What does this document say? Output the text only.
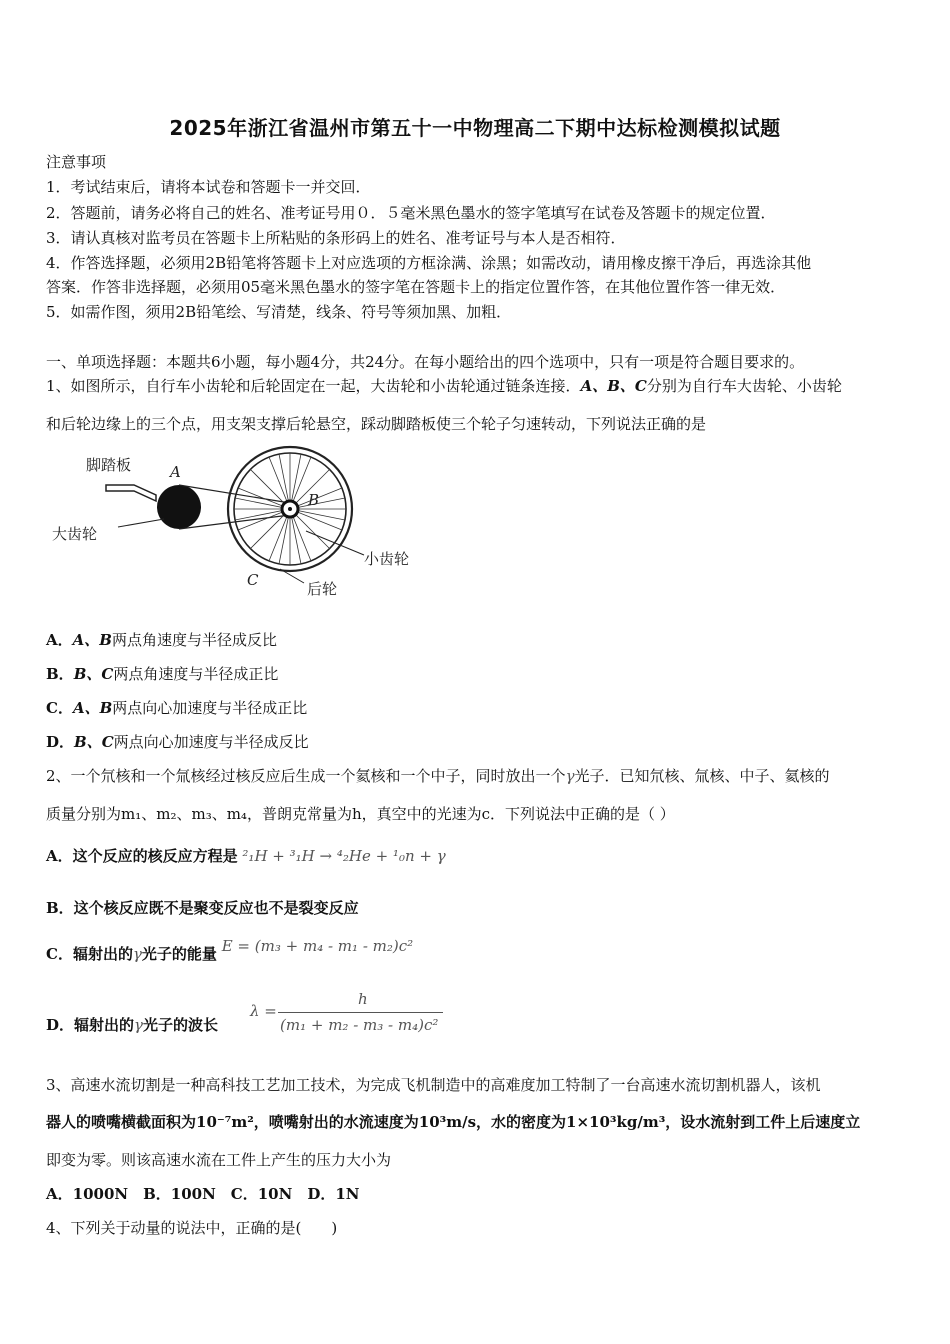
2025年浙江省温州市第五十一中物理高二下期中达标检测模拟试题
注意事项
1．考试结束后，请将本试卷和答题卡一并交回．
2．答题前，请务必将自己的姓名、准考证号用０．５毫米黑色墨水的签字笔填写在试卷及答题卡的规定位置．
3．请认真核对监考员在答题卡上所粘贴的条形码上的姓名、准考证号与本人是否相符．
4．作答选择题，必须用2B铅笔将答题卡上对应选项的方框涂满、涂黑；如需改动，请用橡皮擦干净后，再选涂其他
答案．作答非选择题，必须用05毫米黑色墨水的签字笔在答题卡上的指定位置作答，在其他位置作答一律无效．
5．如需作图，须用2B铅笔绘、写清楚，线条、符号等须加黑、加粗．
一、单项选择题：本题共6小题，每小题4分，共24分。在每小题给出的四个选项中，只有一项是符合题目要求的。
1、如图所示，自行车小齿轮和后轮固定在一起，大齿轮和小齿轮通过链条连接．A、B、C分别为自行车大齿轮、小齿轮
和后轮边缘上的三个点，用支架支撑后轮悬空，踩动脚踏板使三个轮子匀速转动，下列说法正确的是
脚踏板
大齿轮
小齿轮
后轮
A
B
C
A．A、B两点角速度与半径成反比
B．B、C两点角速度与半径成正比
C．A、B两点向心加速度与半径成正比
D．B、C两点向心加速度与半径成反比
2、一个氘核和一个氚核经过核反应后生成一个氦核和一个中子，同时放出一个γ光子．已知氘核、氚核、中子、氦核的
质量分别为m₁、m₂、m₃、m₄，普朗克常量为h，真空中的光速为c．下列说法中正确的是（ ）
A．这个反应的核反应方程是 ²₁H + ³₁H → ⁴₂He + ¹₀n + γ
B．这个核反应既不是聚变反应也不是裂变反应
C．辐射出的γ光子的能量 E = (m₃ + m₄ - m₁ - m₂)c²
D．辐射出的γ光子的波长
λ =
h
(m₁ + m₂ - m₃ - m₄)c²
3、高速水流切割是一种高科技工艺加工技术，为完成飞机制造中的高难度加工特制了一台高速水流切割机器人，该机
器人的喷嘴横截面积为10⁻⁷m²，喷嘴射出的水流速度为10³m/s，水的密度为1×10³kg/m³，设水流射到工件上后速度立
即变为零。则该高速水流在工件上产生的压力大小为
A．1000N　B．100N　C．10N　D．1N
4、下列关于动量的说法中，正确的是(　　)
